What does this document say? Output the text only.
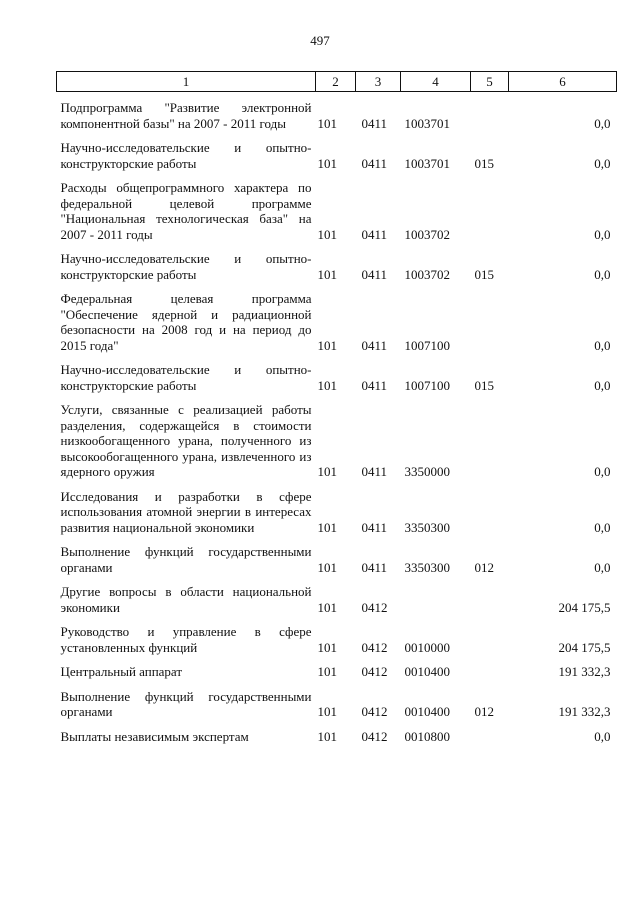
497
1	2	3	4	5	6
Подпрограмма "Развитие электронной компонентной базы" на 2007 - 2011 годы	101	0411	1003701		0,0
Научно-исследовательские и опытно-конструкторские работы	101	0411	1003701	015	0,0
Расходы общепрограммного характера по федеральной целевой программе "Национальная технологическая база" на 2007 - 2011 годы	101	0411	1003702		0,0
Научно-исследовательские и опытно-конструкторские работы	101	0411	1003702	015	0,0
Федеральная целевая программа "Обеспечение ядерной и радиационной безопасности на 2008 год и на период до 2015 года"	101	0411	1007100		0,0
Научно-исследовательские и опытно-конструкторские работы	101	0411	1007100	015	0,0
Услуги, связанные с реализацией работы разделения, содержащейся в стоимости низкообогащенного урана, полученного из высокообогащенного урана, извлеченного из ядерного оружия	101	0411	3350000		0,0
Исследования и разработки в сфере использования атомной энергии в интересах развития национальной экономики	101	0411	3350300		0,0
Выполнение функций государственными органами	101	0411	3350300	012	0,0
Другие вопросы в области национальной экономики	101	0412			204 175,5
Руководство и управление в сфере установленных функций	101	0412	0010000		204 175,5
Центральный аппарат	101	0412	0010400		191 332,3
Выполнение функций государственными органами	101	0412	0010400	012	191 332,3
Выплаты независимым экспертам	101	0412	0010800		0,0
